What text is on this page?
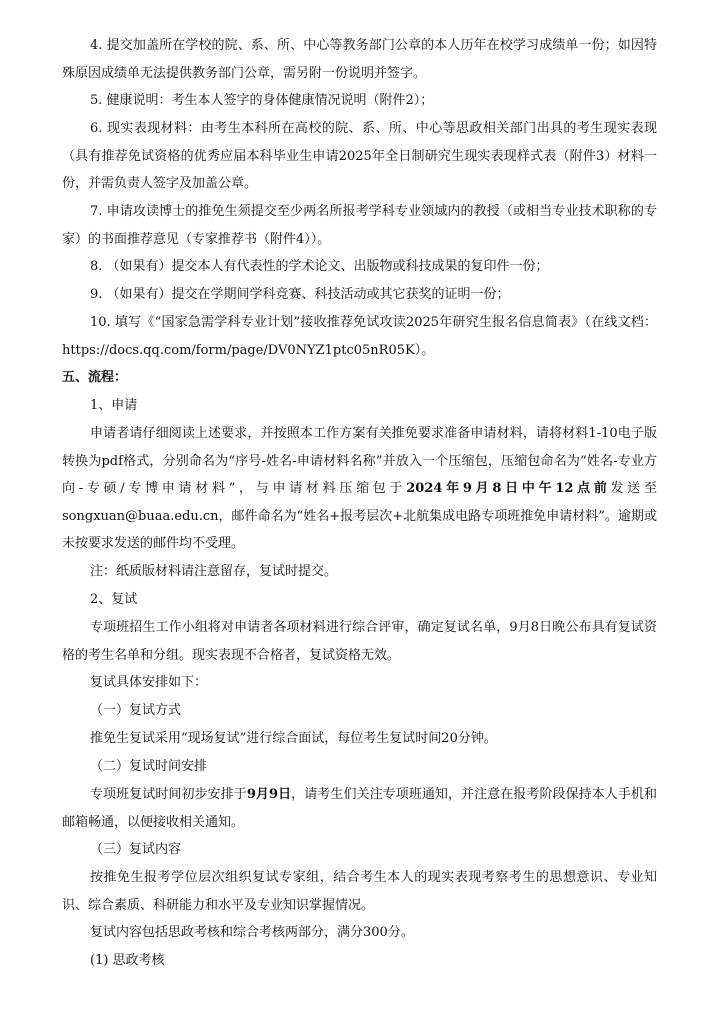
4. 提交加盖所在学校的院、系、所、中心等教务部门公章的本人历年在校学习成绩单一份；如因特殊原因成绩单无法提供教务部门公章，需另附一份说明并签字。

5. 健康说明：考生本人签字的身体健康情况说明（附件2）；

6. 现实表现材料：由考生本科所在高校的院、系、所、中心等思政相关部门出具的考生现实表现（具有推荐免试资格的优秀应届本科毕业生申请2025年全日制研究生现实表现样式表（附件3）材料一份，并需负责人签字及加盖公章。

7. 申请攻读博士的推免生须提交至少两名所报考学科专业领域内的教授（或相当专业技术职称的专家）的书面推荐意见（专家推荐书（附件4））。

8. （如果有）提交本人有代表性的学术论文、出版物或科技成果的复印件一份；

9. （如果有）提交在学期间学科竞赛、科技活动或其它获奖的证明一份；

10. 填写《“国家急需学科专业计划”接收推荐免试攻读2025年研究生报名信息简表》（在线文档：https://docs.qq.com/form/page/DV0NYZ1ptc05nR05K）。

五、流程：

1、申请

申请者请仔细阅读上述要求，并按照本工作方案有关推免要求准备申请材料，请将材料1-10电子版转换为pdf格式，分别命名为“序号-姓名-申请材料名称”并放入一个压缩包，压缩包命名为“姓名-专业方向-专硕/专博申请材料”，与申请材料压缩包于2024年9月8日中午12点前发送至songxuan@buaa.edu.cn，邮件命名为“姓名+报考层次+北航集成电路专项班推免申请材料”。逾期或未按要求发送的邮件均不受理。

注：纸质版材料请注意留存，复试时提交。

2、复试

专项班招生工作小组将对申请者各项材料进行综合评审，确定复试名单，9月8日晚公布具有复试资格的考生名单和分组。现实表现不合格者，复试资格无效。

复试具体安排如下：

（一）复试方式

推免生复试采用“现场复试”进行综合面试，每位考生复试时间20分钟。

（二）复试时间安排

专项班复试时间初步安排于9月9日，请考生们关注专项班通知，并注意在报考阶段保持本人手机和邮箱畅通，以便接收相关通知。

（三）复试内容

按推免生报考学位层次组织复试专家组，结合考生本人的现实表现考察考生的思想意识、专业知识、综合素质、科研能力和水平及专业知识掌握情况。

复试内容包括思政考核和综合考核两部分，满分300分。

(1) 思政考核
